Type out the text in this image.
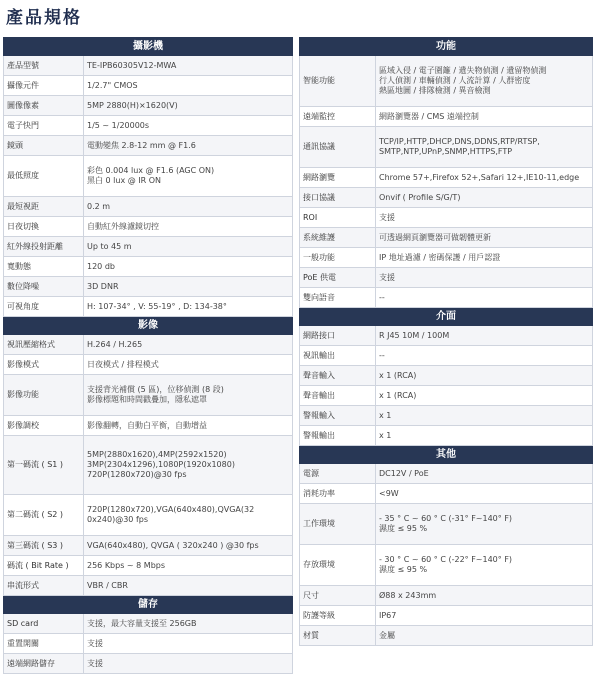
產品規格
攝影機	
產品型號	TE-IPB60305V12-MWA

攝像元件	1/2.7" CMOS

圖像像素	5MP 2880(H)×1620(V)

電子快門	1/5 ~ 1/20000s

鏡頭	電動變焦 2.8-12 mm @ F1.6

最低照度	彩色 0.004 lux @ F1.6 (AGC ON)
黑白 0 lux @ IR ON

最短視距	0.2 m

日夜切換	自動紅外線濾鏡切控

紅外線投射距離	Up to 45 m

寬動態	120 db

數位降噪	3D DNR

可視角度	H: 107-34° , V: 55-19° , D: 134-38°

影像	
視訊壓縮格式	H.264 / H.265

影像模式	日夜模式 / 排程模式

影像功能	支援背光補償 (5 區)，位移偵測 (8 段)
影像標題和時間戳疊加，隱私遮罩

影像調校	影像翻轉，自動白平衡，自動增益

第一碼流 ( S1 )	5MP(2880x1620),4MP(2592x1520)
3MP(2304x1296),1080P(1920x1080)
720P(1280x720)@30 fps

第二碼流 ( S2 )	720P(1280x720),VGA(640x480),QVGA(32
0x240)@30 fps

第三碼流 ( S3 )	VGA(640x480), QVGA ( 320x240 ) @30 fps

碼流 ( Bit Rate )	256 Kbps ~ 8 Mbps

串流形式	VBR / CBR

儲存	
SD card	支援，最大容量支援至 256GB

重置開關	支援

遠端網路儲存	支援
功能	
智能功能	區域入侵 / 電子圍籬 / 遺失物偵測 / 遺留物偵測
行人偵測 / 車輛偵測 / 人流計算 / 人群密度
熱區地圖 / 排隊檢測 / 異音檢測

遠端監控	網路瀏覽器 / CMS 遠端控制

通訊協議	TCP/IP,HTTP,DHCP,DNS,DDNS,RTP/RTSP,
SMTP,NTP,UPnP,SNMP,HTTPS,FTP

網路瀏覽	Chrome 57+,Firefox 52+,Safari 12+,IE10-11,edge

接口協議	Onvif ( Profile S/G/T)

ROI	支援

系統維護	可透過網頁瀏覽器可做韌體更新

一般功能	IP 地址過濾 / 密碼保護 / 用戶認證

PoE 供電	支援

雙向語音	--

介面	
網路接口	R J45 10M / 100M

視訊輸出	--

聲音輸入	x 1 (RCA)

聲音輸出	x 1 (RCA)

警報輸入	x 1

警報輸出	x 1

其他	
電源	DC12V / PoE

消耗功率	<9W

工作環境	- 35 ° C ~ 60 ° C (-31° F~140° F)
濕度 ≤ 95 %

存放環境	- 30 ° C ~ 60 ° C (-22° F~140° F)
濕度 ≤ 95 %

尺寸	Ø88 x 243mm

防護等級	IP67

材質	金屬
